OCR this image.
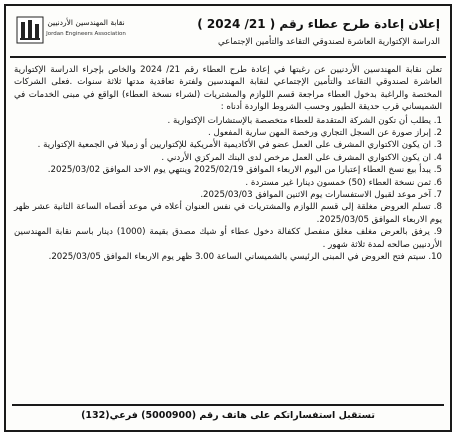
نقابة المهندسين الأردنيين
Jordan Engineers Association
إعلان إعادة طرح عطاء رقم ( 21/ 2024 )
الدراسة الإكتوارية العاشرة لصندوقي التقاعد والتأمين الإجتماعي

تعلن نقابة المهندسين الأردنيين عن رغبتها في إعادة طرح العطاء رقم 21/ 2024 والخاص بإجراء الدراسة الإكتوارية العاشرة لصندوقي التقاعد والتأمين الإجتماعي لنقابة المهندسين ولفترة تعاقدية مدتها ثلاثة سنوات .فعلى الشركات المختصة والراغبة بدخول العطاء مراجعة قسم اللوازم والمشتريات (لشراء نسخة العطاء) الواقع في مبنى الخدمات في الشميساني قرب حديقة الطيور وحسب الشروط الواردة أدناه :

1. يطلب أن تكون الشركة المتقدمة للعطاء متخصصة بالإستشارات الإكتوارية .
2. إبراز صورة عن السجل التجاري ورخصة المهن سارية المفعول .
3. ان يكون الاكتواري المشرف على العمل عضو في الأكاديمية الأمريكية للإكتواريين أو زميلا في الجمعية الإكتوارية .
4. ان يكون الاكتواري المشرف على العمل مرخص لدى البنك المركزي الأردني .
5. يبدأ بيع نسخ العطاء إعتبارا من اليوم الاربعاء الموافق 2025/02/19 وينتهي يوم الاحد الموافق 2025/03/02.
6. ثمن نسخة العطاء (50) خمسون دينارا غير مستردة .
7. آخر موعد لقبول الاستفسارات يوم الاثنين الموافق 2025/03/03.
8. تسلم العروض مغلقة إلى قسم اللوازم والمشتريات في نفس العنوان أعلاه في موعد أقصاه الساعة الثانية عشر ظهر يوم الاربعاء الموافق 2025/03/05.
9. يرفق بالعرض مغلف مغلق منفصل ككفالة دخول عطاء أو شيك مصدق بقيمة (1000) دينار باسم نقابة المهندسين الأردنيين صالحه لمدة ثلاثة شهور .
10. سيتم فتح العروض في المبنى الرئيسي بالشميساني الساعة 3.00 ظهر يوم الاربعاء الموافق 2025/03/05.
تستقبل استفساراتكم على هاتف رقم (5000900) فرعي(132)
